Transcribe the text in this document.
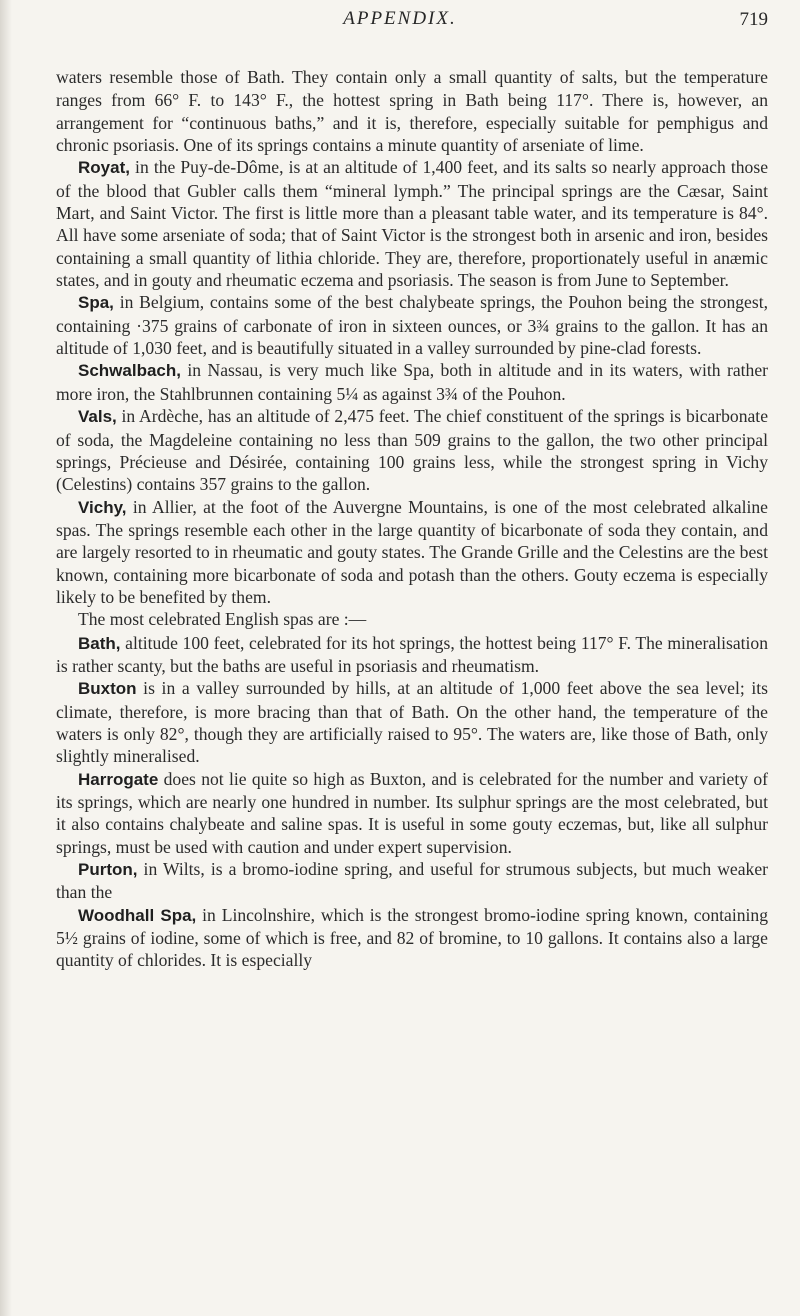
APPENDIX.	719

waters resemble those of Bath. They contain only a small quantity of salts, but the temperature ranges from 66° F. to 143° F., the hottest spring in Bath being 117°. There is, however, an arrangement for “continuous baths,” and it is, therefore, especially suitable for pemphigus and chronic psoriasis. One of its springs contains a minute quantity of arseniate of lime.

Royat, in the Puy-de-Dôme, is at an altitude of 1,400 feet, and its salts so nearly approach those of the blood that Gubler calls them “mineral lymph.” The principal springs are the Cæsar, Saint Mart, and Saint Victor. The first is little more than a pleasant table water, and its temperature is 84°. All have some arseniate of soda; that of Saint Victor is the strongest both in arsenic and iron, besides containing a small quantity of lithia chloride. They are, therefore, proportionately useful in anæmic states, and in gouty and rheumatic eczema and psoriasis. The season is from June to September.

Spa, in Belgium, contains some of the best chalybeate springs, the Pouhon being the strongest, containing ·375 grains of carbonate of iron in sixteen ounces, or 3¾ grains to the gallon. It has an altitude of 1,030 feet, and is beautifully situated in a valley surrounded by pine-clad forests.

Schwalbach, in Nassau, is very much like Spa, both in altitude and in its waters, with rather more iron, the Stahlbrunnen containing 5¼ as against 3¾ of the Pouhon.

Vals, in Ardèche, has an altitude of 2,475 feet. The chief constituent of the springs is bicarbonate of soda, the Magdeleine containing no less than 509 grains to the gallon, the two other principal springs, Précieuse and Désirée, containing 100 grains less, while the strongest spring in Vichy (Celestins) contains 357 grains to the gallon.

Vichy, in Allier, at the foot of the Auvergne Mountains, is one of the most celebrated alkaline spas. The springs resemble each other in the large quantity of bicarbonate of soda they contain, and are largely resorted to in rheumatic and gouty states. The Grande Grille and the Celestins are the best known, containing more bicarbonate of soda and potash than the others. Gouty eczema is especially likely to be benefited by them.

The most celebrated English spas are :—

Bath, altitude 100 feet, celebrated for its hot springs, the hottest being 117° F. The mineralisation is rather scanty, but the baths are useful in psoriasis and rheumatism.

Buxton is in a valley surrounded by hills, at an altitude of 1,000 feet above the sea level; its climate, therefore, is more bracing than that of Bath. On the other hand, the temperature of the waters is only 82°, though they are artificially raised to 95°. The waters are, like those of Bath, only slightly mineralised.

Harrogate does not lie quite so high as Buxton, and is celebrated for the number and variety of its springs, which are nearly one hundred in number. Its sulphur springs are the most celebrated, but it also contains chalybeate and saline spas. It is useful in some gouty eczemas, but, like all sulphur springs, must be used with caution and under expert supervision.

Purton, in Wilts, is a bromo-iodine spring, and useful for strumous subjects, but much weaker than the

Woodhall Spa, in Lincolnshire, which is the strongest bromo-iodine spring known, containing 5½ grains of iodine, some of which is free, and 82 of bromine, to 10 gallons. It contains also a large quantity of chlorides. It is especially
